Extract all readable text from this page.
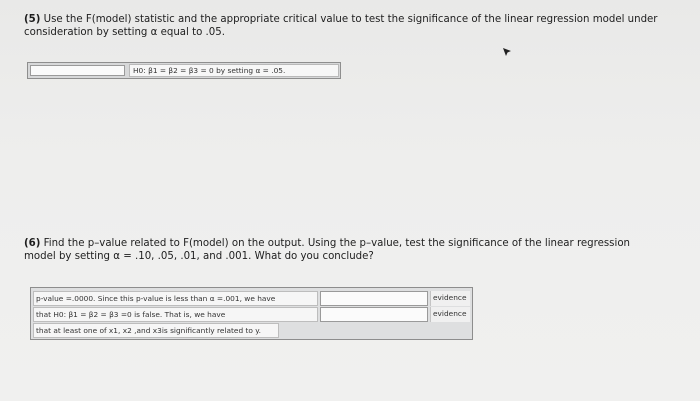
(5) Use the F(model) statistic and the appropriate critical value to test the significance of the linear regression model under consideration by setting α equal to .05.
H0: β1 = β2 = β3 = 0 by setting α = .05.
(6) Find the p–value related to F(model) on the output. Using the p–value, test the significance of the linear regression model by setting α = .10, .05, .01, and .001. What do you conclude?
p-value =.0000. Since this p-value is less than α =.001, we have
that H0: β1 = β2 = β3 =0 is false. That is, we have
that at least one of x1, x2 ,and x3is significantly related to y.
evidence
evidence
